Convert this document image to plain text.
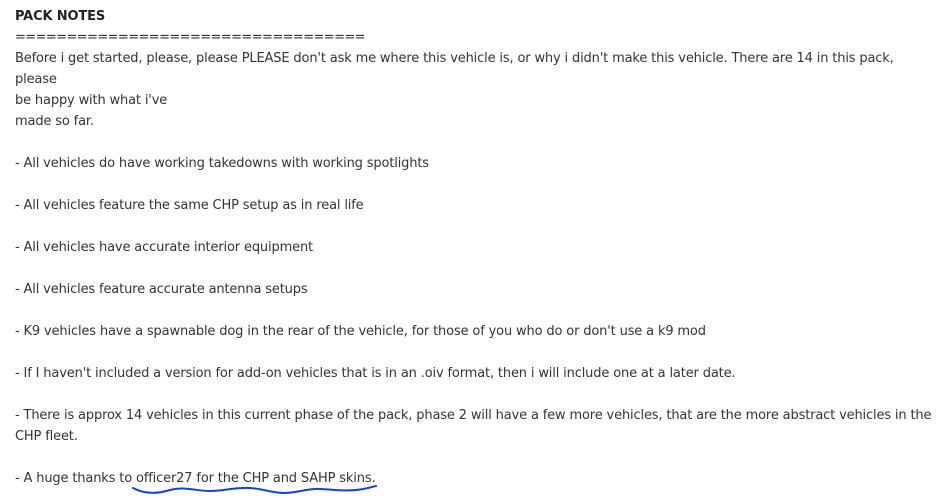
PACK NOTES
==================================
Before i get started, please, please PLEASE don't ask me where this vehicle is, or why i didn't make this vehicle. There are 14 in this pack, please
be happy with what i've
made so far.
- All vehicles do have working takedowns with working spotlights
- All vehicles feature the same CHP setup as in real life
- All vehicles have accurate interior equipment
- All vehicles feature accurate antenna setups
- K9 vehicles have a spawnable dog in the rear of the vehicle, for those of you who do or don't use a k9 mod
- If I haven't included a version for add-on vehicles that is in an .oiv format, then i will include one at a later date.
- There is approx 14 vehicles in this current phase of the pack, phase 2 will have a few more vehicles, that are the more abstract vehicles in the
CHP fleet.
- A huge thanks to officer27 for the CHP and SAHP skins.
